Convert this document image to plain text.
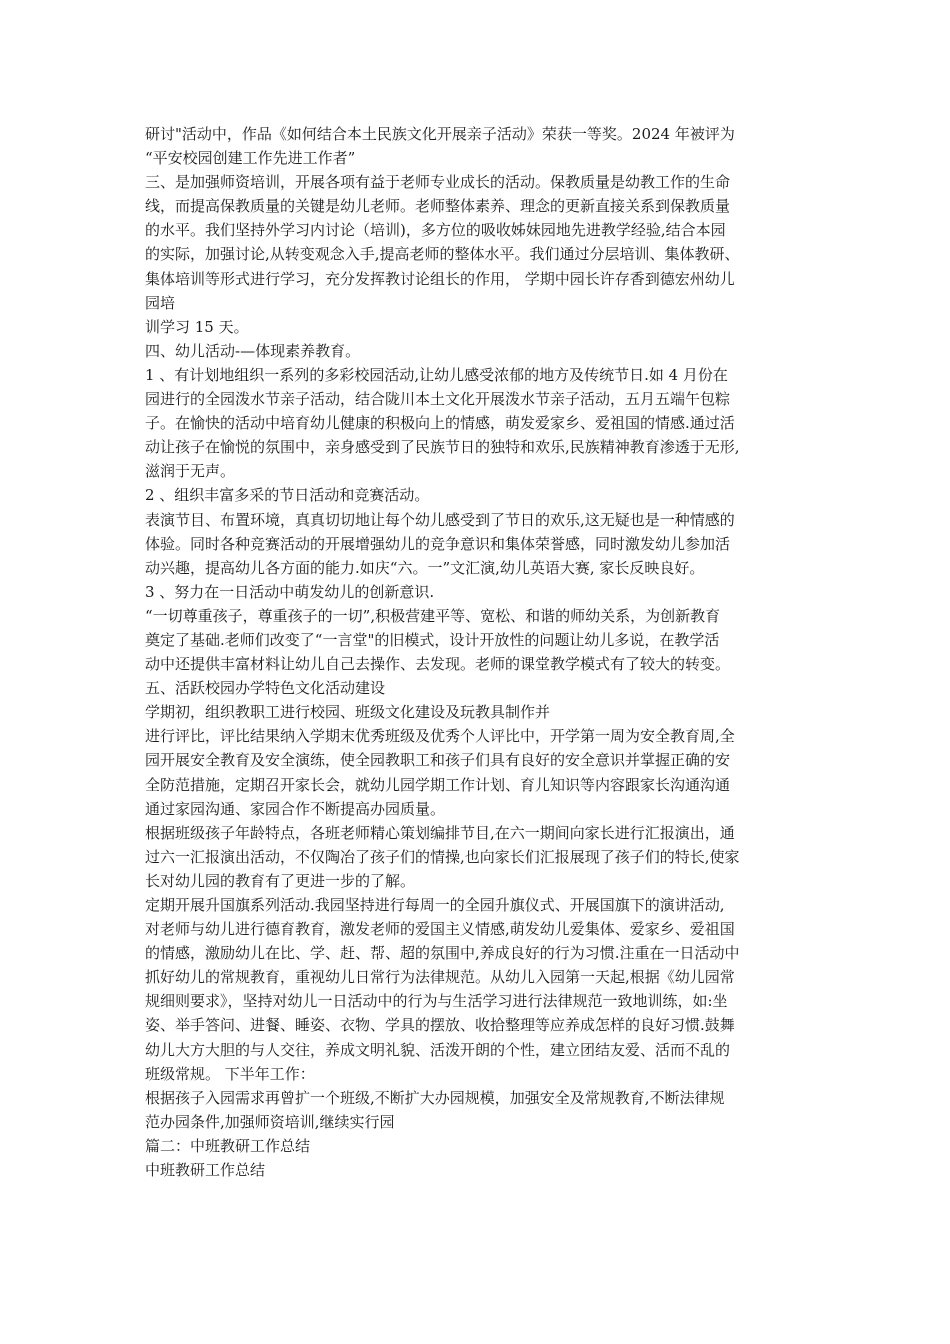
研讨"活动中，作品《如何结合本土民族文化开展亲子活动》荣获一等奖。2024 年被评为
“平安校园创建工作先进工作者”
三、是加强师资培训，开展各项有益于老师专业成长的活动。保教质量是幼教工作的生命
线，而提高保教质量的关键是幼儿老师。老师整体素养、理念的更新直接关系到保教质量
的水平。我们坚持外学习内讨论（培训)，多方位的吸收姊妹园地先进教学经验,结合本园
的实际，加强讨论,从转变观念入手,提高老师的整体水平。我们通过分层培训、集体教研、
集体培训等形式进行学习，充分发挥教讨论组长的作用， 学期中园长许存香到德宏州幼儿
园培
训学习 15 天。
四、幼儿活动-—体现素养教育。
1 、有计划地组织一系列的多彩校园活动,让幼儿感受浓郁的地方及传统节日.如 4 月份在
园进行的全园泼水节亲子活动，结合陇川本土文化开展泼水节亲子活动，五月五端午包粽
子。在愉快的活动中培育幼儿健康的积极向上的情感，萌发爱家乡、爱祖国的情感.通过活
动让孩子在愉悦的氛围中，亲身感受到了民族节日的独特和欢乐,民族精神教育渗透于无形,
滋润于无声。
2 、组织丰富多采的节日活动和竞赛活动。
表演节目、布置环境，真真切切地让每个幼儿感受到了节日的欢乐,这无疑也是一种情感的
体验。同时各种竞赛活动的开展增强幼儿的竞争意识和集体荣誉感，同时激发幼儿参加活
动兴趣，提高幼儿各方面的能力.如庆“六。一”文汇演,幼儿英语大赛, 家长反映良好。
3 、努力在一日活动中萌发幼儿的创新意识.
“一切尊重孩子，尊重孩子的一切”,积极营建平等、宽松、和谐的师幼关系，为创新教育
奠定了基础.老师们改变了“一言堂"的旧模式，设计开放性的问题让幼儿多说，在教学活
动中还提供丰富材料让幼儿自己去操作、去发现。老师的课堂教学模式有了较大的转变。
五、活跃校园办学特色文化活动建设
学期初，组织教职工进行校园、班级文化建设及玩教具制作并
进行评比，评比结果纳入学期末优秀班级及优秀个人评比中，开学第一周为安全教育周,全
园开展安全教育及安全演练，使全园教职工和孩子们具有良好的安全意识并掌握正确的安
全防范措施，定期召开家长会，就幼儿园学期工作计划、育儿知识等内容跟家长沟通沟通
通过家园沟通、家园合作不断提高办园质量。
根据班级孩子年龄特点，各班老师精心策划编排节目,在六一期间向家长进行汇报演出，通
过六一汇报演出活动，不仅陶冶了孩子们的情操,也向家长们汇报展现了孩子们的特长,使家
长对幼儿园的教育有了更进一步的了解。
定期开展升国旗系列活动.我园坚持进行每周一的全园升旗仪式、开展国旗下的演讲活动,
对老师与幼儿进行德育教育，激发老师的爱国主义情感,萌发幼儿爱集体、爱家乡、爱祖国
的情感，激励幼儿在比、学、赶、帮、超的氛围中,养成良好的行为习惯.注重在一日活动中
抓好幼儿的常规教育，重视幼儿日常行为法律规范。从幼儿入园第一天起,根据《幼儿园常
规细则要求》，坚持对幼儿一日活动中的行为与生活学习进行法律规范一致地训练，如:坐
姿、举手答问、进餐、睡姿、衣物、学具的摆放、收拾整理等应养成怎样的良好习惯.鼓舞
幼儿大方大胆的与人交往，养成文明礼貌、活泼开朗的个性，建立团结友爱、活而不乱的
班级常规。 下半年工作：
根据孩子入园需求再曾扩一个班级,不断扩大办园规模，加强安全及常规教育,不断法律规
范办园条件,加强师资培训,继续实行园
篇二：中班教研工作总结
中班教研工作总结
